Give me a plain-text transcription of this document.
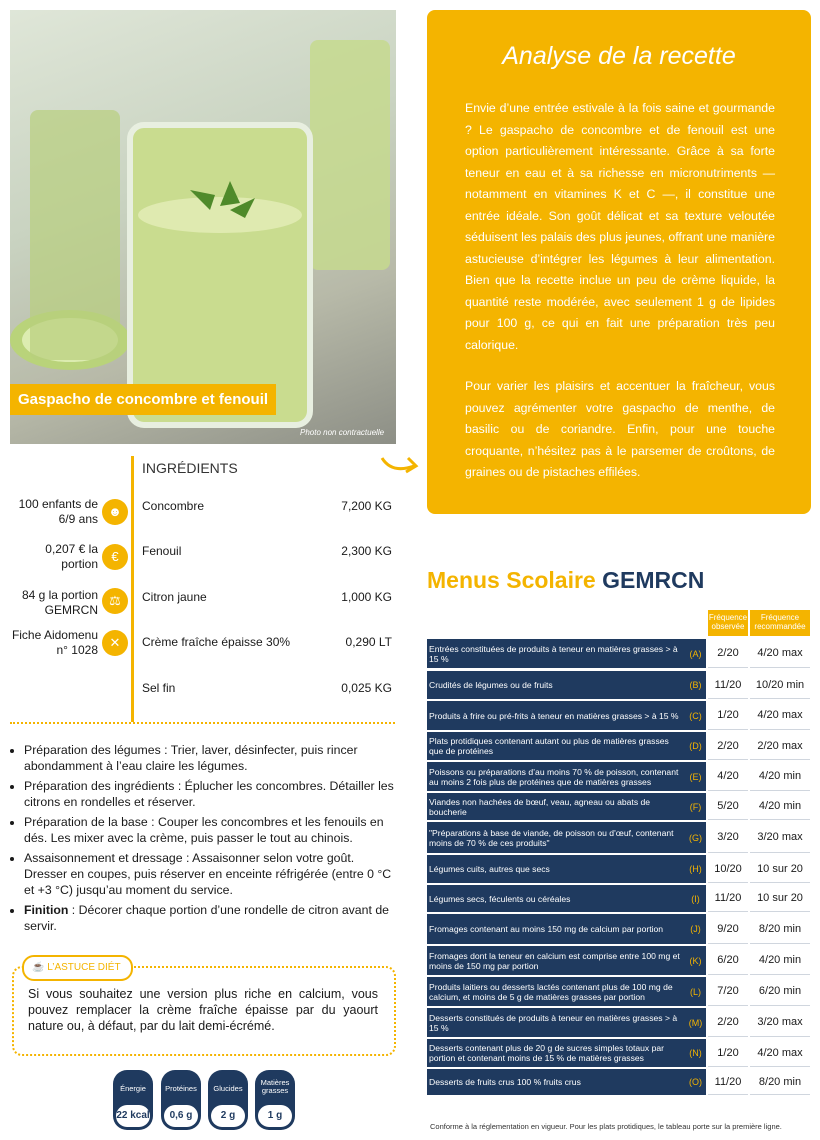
Gaspacho de concombre et fenouil
Photo non contractuelle
Analyse de la recette
Envie d’une entrée estivale à la fois saine et gourmande ? Le gaspacho de concombre et de fenouil est une option particulièrement intéressante. Grâce à sa forte teneur en eau et à sa richesse en micronutriments — notamment en vitamines K et C —, il constitue une entrée idéale. Son goût délicat et sa texture veloutée séduisent les palais des plus jeunes, offrant une manière astucieuse d’intégrer les légumes à leur alimentation. Bien que la recette inclue un peu de crème liquide, la quantité reste modérée, avec seulement 1 g de lipides pour 100 g, ce qui en fait une préparation très peu calorique.
Pour varier les plaisirs et accentuer la fraîcheur, vous pouvez agrémenter votre gaspacho de menthe, de basilic ou de coriandre. Enfin, pour une touche croquante, n’hésitez pas à le parsemer de croûtons, de graines ou de pistaches effilées.
INGRÉDIENTS
100 enfants de 6/9 ans ☻
0,207 € la portion	€
84 g la portion GEMRCN
⚖
Fiche Aidomenu n° 1028 ✕
Concombre	7,200 KG
Fenouil	2,300 KG
Citron jaune	1,000 KG
Crème fraîche épaisse 30%	0,290 LT
Sel fin	0,025 KG
• Préparation des légumes : Trier, laver, désinfecter, puis rincer abondamment à l’eau claire les légumes.
• Préparation des ingrédients : Éplucher les concombres. Détailler les citrons en rondelles et réserver.
• Préparation de la base : Couper les concombres et les fenouils en dés. Les mixer avec la crème, puis passer le tout au chinois.
• Assaisonnement et dressage : Assaisonner selon votre goût. Dresser en coupes, puis réserver en enceinte réfrigérée (entre 0 °C et +3 °C) jusqu’au moment du service.
• Finition : Décorer chaque portion d’une rondelle de citron avant de servir.
☕ L’ASTUCE DIÉT
Si vous souhaitez une version plus riche en calcium, vous pouvez remplacer la crème fraîche épaisse par du yaourt nature ou, à défaut, par du lait demi-écrémé.
Énergie
22 kcal
Protéines
0,6 g
Glucides
2 g
Matières grasses
1 g
Menus Scolaire GEMRCN
Fréquence observée
Fréquence recommandée
Entrées constituées de produits à teneur en matières grasses > à 15 %	(A)	2/20	4/20 max
Crudités de légumes ou de fruits	(B)	11/20	10/20 min
Produits à frire ou pré-frits à teneur en matières grasses > à 15 %	(C)	1/20	4/20 max
Plats protidiques contenant autant ou plus de matières grasses que de protéines	(D)	2/20	2/20 max
Poissons ou préparations d’au moins 70 % de poisson, contenant au moins 2 fois plus de protéines que de matières grasses	(E)	4/20	4/20 min
Viandes non hachées de bœuf, veau, agneau ou abats de boucherie	(F)	5/20	4/20 min
"Préparations à base de viande, de poisson ou d'œuf, contenant moins de 70 % de ces produits"	(G)	3/20	3/20 max
Légumes cuits, autres que secs	(H)	10/20	10 sur 20
Légumes secs, féculents ou céréales	(I)	11/20	10 sur 20
Fromages contenant au moins 150 mg de calcium par portion	(J)	9/20	8/20 min
Fromages dont la teneur en calcium est comprise entre 100 mg et moins de 150 mg par portion	(K)	6/20	4/20 min
Produits laitiers ou desserts lactés contenant plus de 100 mg de calcium, et moins de 5 g de matières grasses par portion	(L)	7/20	6/20 min
Desserts constitués de produits à teneur en matières grasses > à 15 %	(M)	2/20	3/20 max
Desserts contenant plus de 20 g de sucres simples totaux par portion et contenant moins de 15 % de matières grasses	(N)	1/20	4/20 max
Desserts de fruits crus 100 % fruits crus	(O)	11/20	8/20 min
Conforme à la réglementation en vigueur. Pour les plats protidiques, le tableau porte sur la première ligne.
